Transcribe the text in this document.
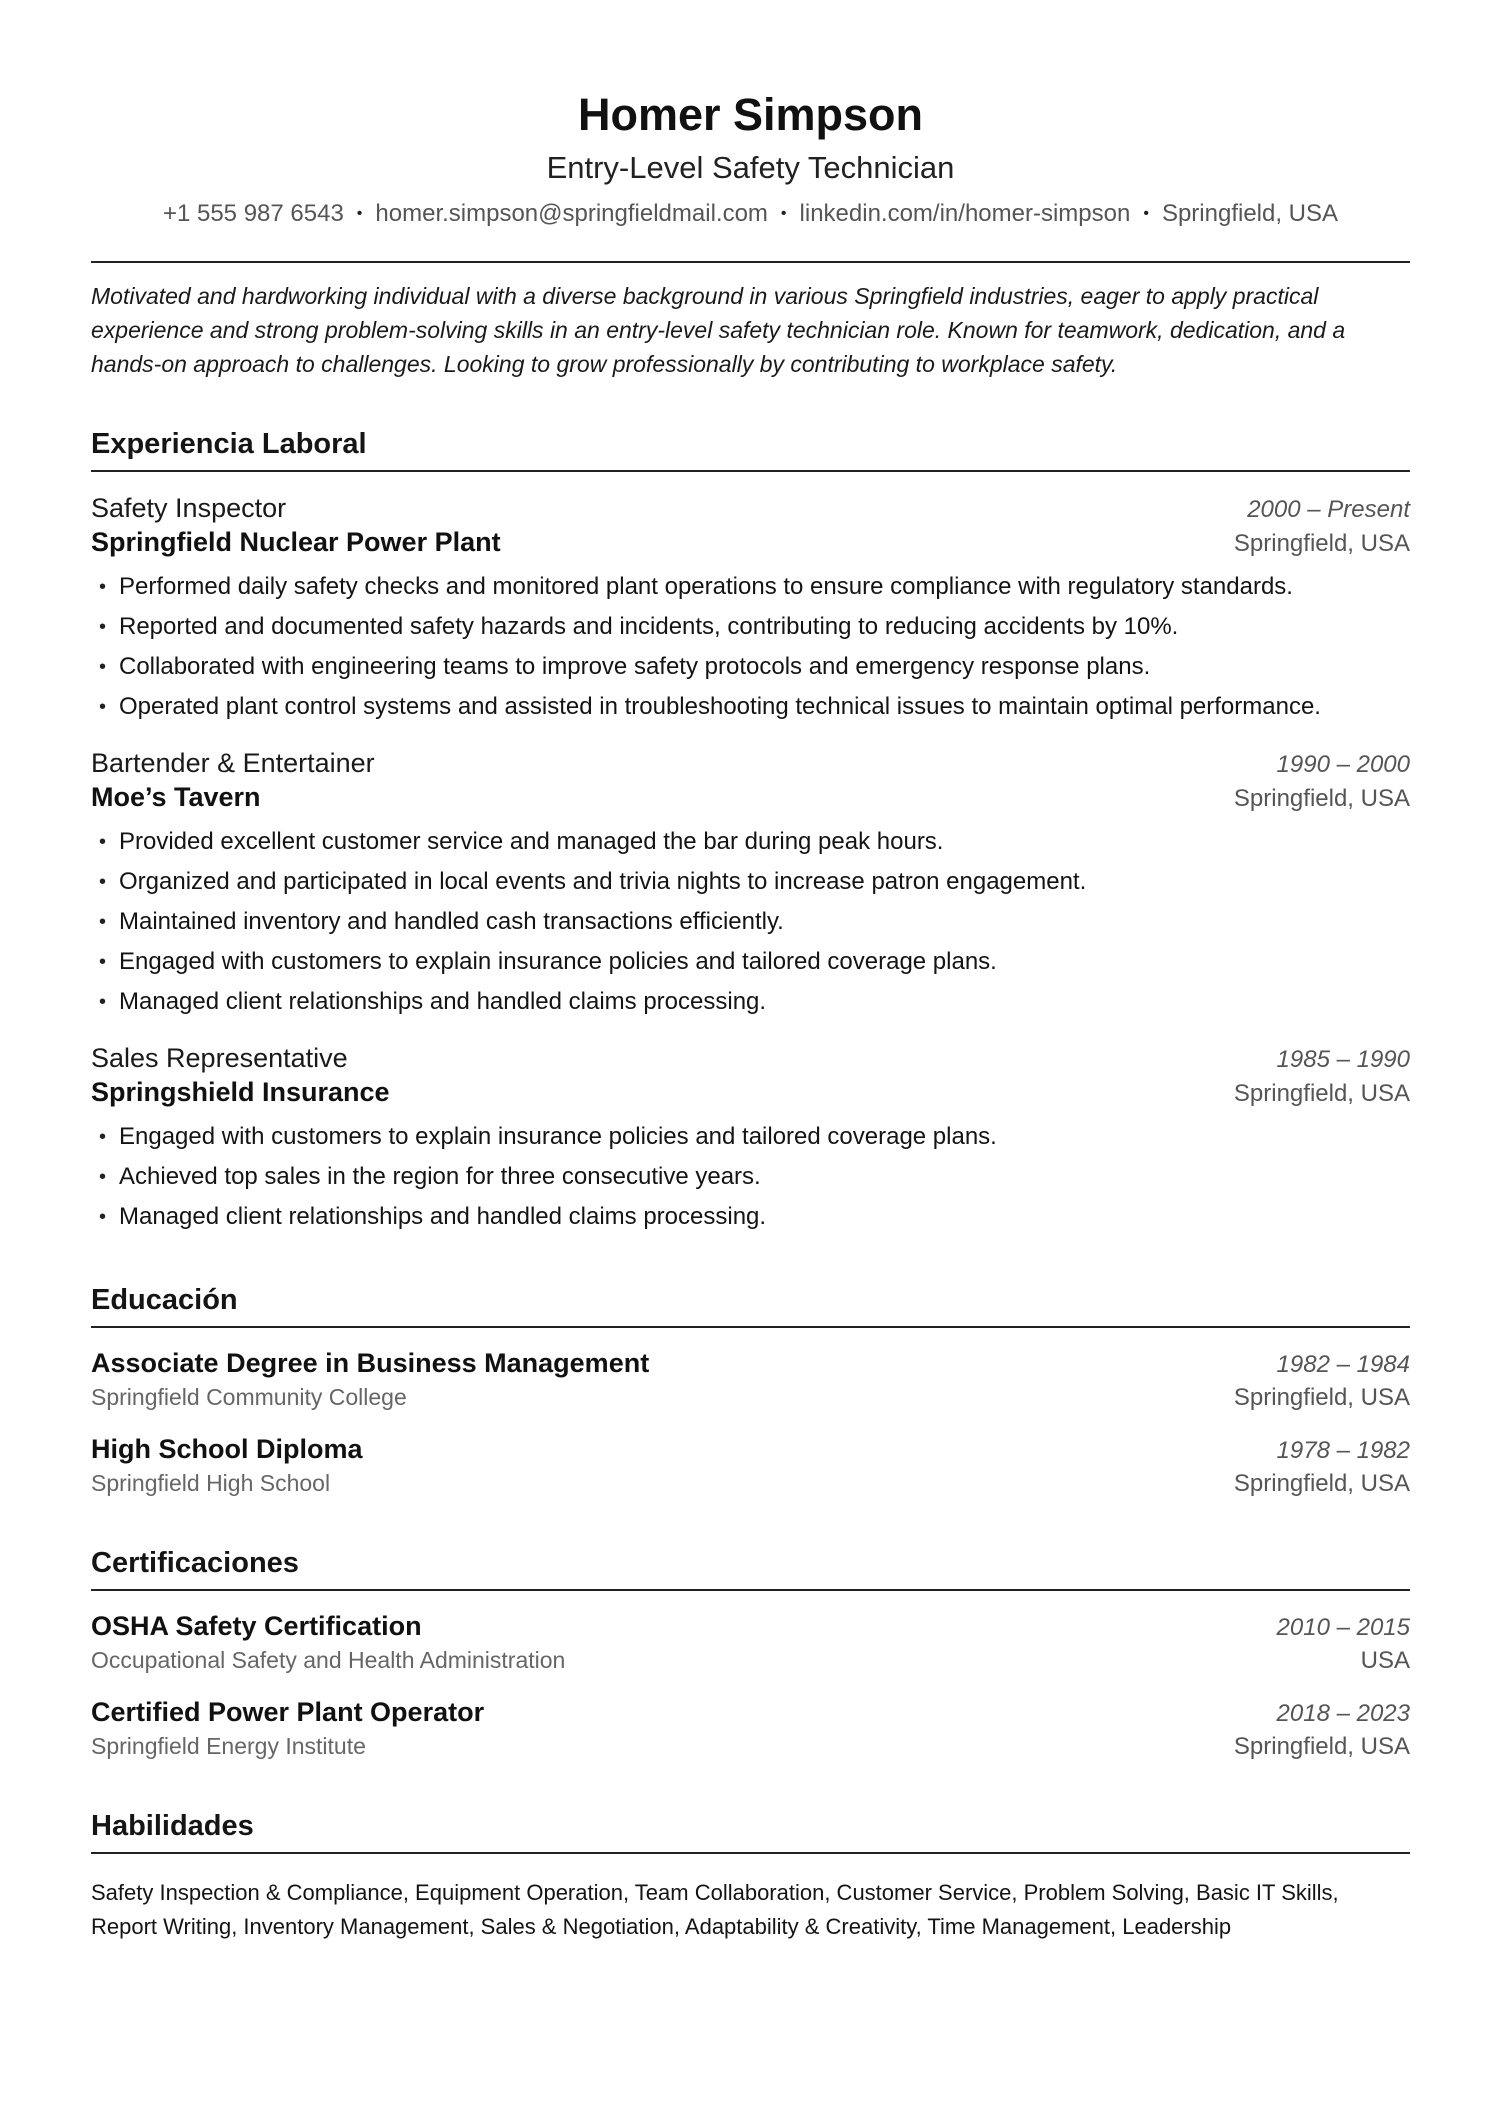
Homer Simpson
Entry-Level Safety Technician
+1 555 987 6543 • homer.simpson@springfieldmail.com • linkedin.com/in/homer-simpson • Springfield, USA
Motivated and hardworking individual with a diverse background in various Springfield industries, eager to apply practical experience and strong problem-solving skills in an entry-level safety technician role. Known for teamwork, dedication, and a hands-on approach to challenges. Looking to grow professionally by contributing to workplace safety.
Experiencia Laboral
Safety Inspector	2000 – Present
Springfield Nuclear Power Plant	Springfield, USA
• Performed daily safety checks and monitored plant operations to ensure compliance with regulatory standards.
• Reported and documented safety hazards and incidents, contributing to reducing accidents by 10%.
• Collaborated with engineering teams to improve safety protocols and emergency response plans.
• Operated plant control systems and assisted in troubleshooting technical issues to maintain optimal performance.
Bartender & Entertainer	1990 – 2000
Moe’s Tavern	Springfield, USA
• Provided excellent customer service and managed the bar during peak hours.
• Organized and participated in local events and trivia nights to increase patron engagement.
• Maintained inventory and handled cash transactions efficiently.
• Engaged with customers to explain insurance policies and tailored coverage plans.
• Managed client relationships and handled claims processing.
Sales Representative	1985 – 1990
Springshield Insurance	Springfield, USA
• Engaged with customers to explain insurance policies and tailored coverage plans.
• Achieved top sales in the region for three consecutive years.
• Managed client relationships and handled claims processing.
Educación
Associate Degree in Business Management	1982 – 1984
Springfield Community College	Springfield, USA
High School Diploma	1978 – 1982
Springfield High School	Springfield, USA
Certificaciones
OSHA Safety Certification	2010 – 2015
Occupational Safety and Health Administration	USA
Certified Power Plant Operator	2018 – 2023
Springfield Energy Institute	Springfield, USA
Habilidades
Safety Inspection & Compliance, Equipment Operation, Team Collaboration, Customer Service, Problem Solving, Basic IT Skills, Report Writing, Inventory Management, Sales & Negotiation, Adaptability & Creativity, Time Management, Leadership
